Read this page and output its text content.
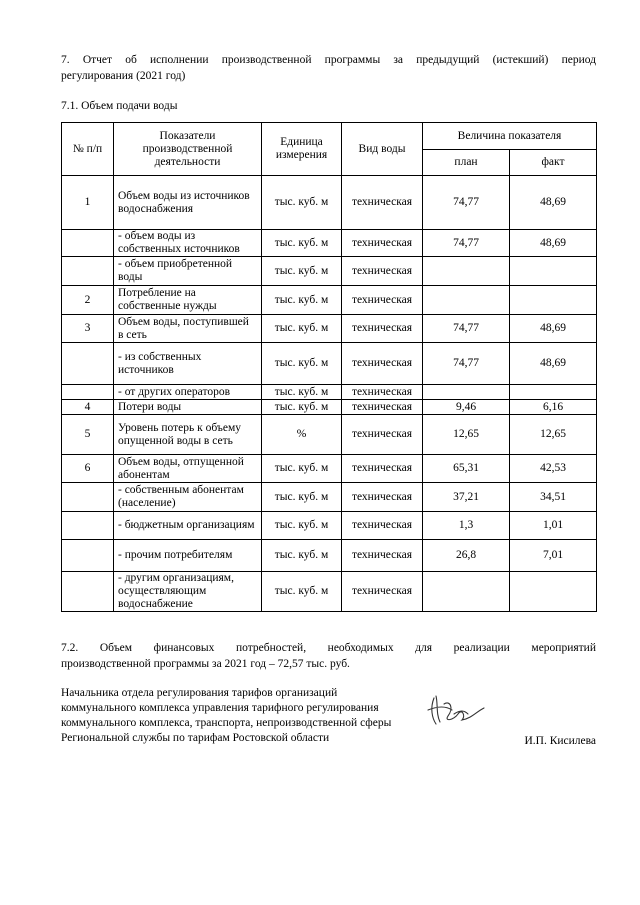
7. Отчет об исполнении производственной программы за предыдущий (истекший) период
регулирования (2021 год)
7.1. Объем подачи воды
№ п/п	Показатели производственной деятельности	Единица измерения	Вид воды	Величина показателя	
				план	факт
1	Объем воды из источников водоснабжения	тыс. куб. м	техническая	74,77	48,69
	- объем воды из собственных источников	тыс. куб. м	техническая	74,77	48,69
	- объем приобретенной воды	тыс. куб. м	техническая		
2	Потребление на собственные нужды	тыс. куб. м	техническая		
3	Объем воды, поступившей в сеть	тыс. куб. м	техническая	74,77	48,69
	- из собственных источников	тыс. куб. м	техническая	74,77	48,69
	- от других операторов	тыс. куб. м	техническая		
4	Потери воды	тыс. куб. м	техническая	9,46	6,16
5	Уровень потерь к объему опущенной воды в сеть	%	техническая	12,65	12,65
6	Объем воды, отпущенной абонентам	тыс. куб. м	техническая	65,31	42,53
	- собственным абонентам (население)	тыс. куб. м	техническая	37,21	34,51
	- бюджетным организациям	тыс. куб. м	техническая	1,3	1,01
	- прочим потребителям	тыс. куб. м	техническая	26,8	7,01
	- другим организациям, осуществляющим водоснабжение	тыс. куб. м	техническая		
7.2. Объем финансовых потребностей, необходимых для реализации мероприятий
производственной программы за 2021 год – 72,57 тыс. руб.
Начальника отдела регулирования тарифов организаций
коммунального комплекса управления тарифного регулирования
коммунального комплекса, транспорта, непроизводственной сферы
Региональной службы по тарифам Ростовской области	И.П. Кисилева
